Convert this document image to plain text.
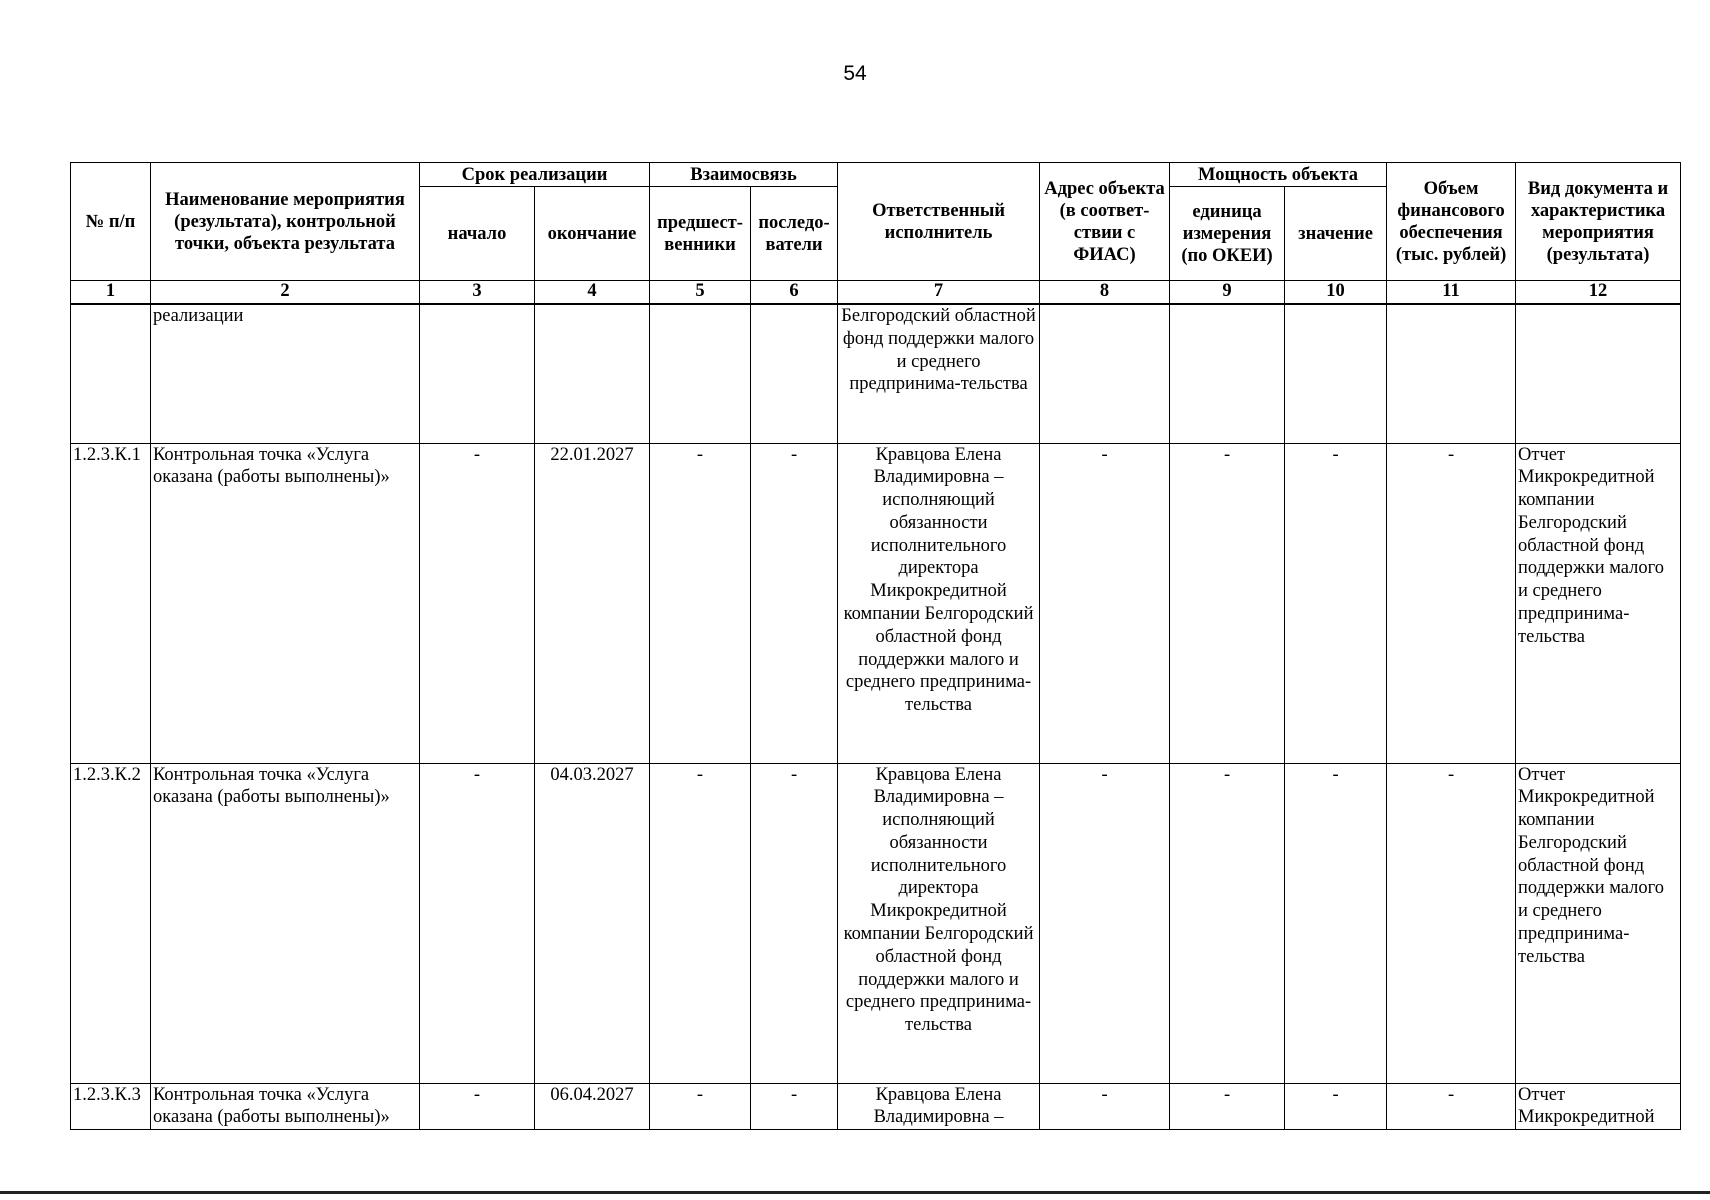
54
№ п/п	Наименование мероприятия (результата), контрольной точки, объекта результата	Срок реализации		Взаимосвязь		Ответственный исполнитель	Адрес объекта (в соответ-ствии с ФИАС)	Мощность объекта		Объем финансового обеспечения (тыс. рублей)	Вид документа и характеристика мероприятия (результата)
		начало	окончание	предшест-венники	последо-ватели			единица измерения (по ОКЕИ)	значение		
1	2	3	4	5	6	7	8	9	10	11	12
	реализации					Белгородский областной фонд поддержки малого и среднего предпринима-тельства					
1.2.3.К.1	Контрольная точка «Услуга оказана (работы выполнены)»	-	22.01.2027	-	-	Кравцова Елена Владимировна – исполняющий обязанности исполнительного директора Микрокредитной компании Белгородский областной фонд поддержки малого и среднего предпринима-тельства	-	-	-	-	Отчет Микрокредитной компании Белгородский областной фонд поддержки малого и среднего предпринима-тельства
1.2.3.К.2	Контрольная точка «Услуга оказана (работы выполнены)»	-	04.03.2027	-	-	Кравцова Елена Владимировна – исполняющий обязанности исполнительного директора Микрокредитной компании Белгородский областной фонд поддержки малого и среднего предпринима-тельства	-	-	-	-	Отчет Микрокредитной компании Белгородский областной фонд поддержки малого и среднего предпринима-тельства
1.2.3.К.3	Контрольная точка «Услуга оказана (работы выполнены)»	-	06.04.2027	-	-	Кравцова Елена Владимировна –	-	-	-	-	Отчет Микрокредитной
